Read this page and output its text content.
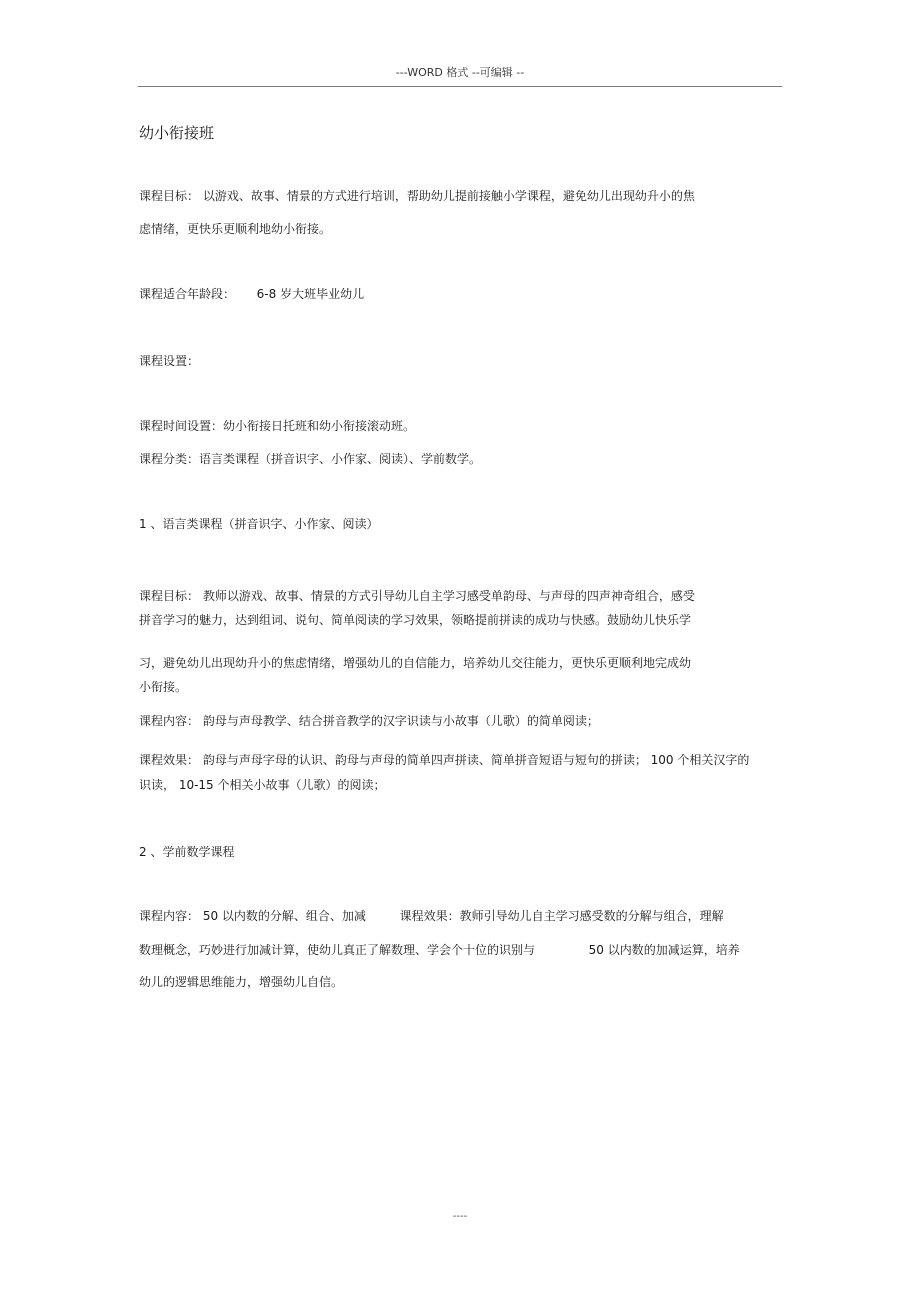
---WORD 格式 --可编辑 --
幼小衔接班
课程目标： 以游戏、故事、情景的方式进行培训，帮助幼儿提前接触小学课程，避免幼儿出现幼升小的焦
虑情绪，更快乐更顺利地幼小衔接。
课程适合年龄段： 6-8 岁大班毕业幼儿
课程设置：
课程时间设置：幼小衔接日托班和幼小衔接滚动班。
课程分类：语言类课程（拼音识字、小作家、阅读）、学前数学。
1 、语言类课程（拼音识字、小作家、阅读）
课程目标： 教师以游戏、故事、情景的方式引导幼儿自主学习感受单韵母、与声母的四声神奇组合，感受
拼音学习的魅力，达到组词、说句、简单阅读的学习效果，领略提前拼读的成功与快感。鼓励幼儿快乐学
习，避免幼儿出现幼升小的焦虑情绪，增强幼儿的自信能力，培养幼儿交往能力，更快乐更顺利地完成幼
小衔接。
课程内容： 韵母与声母教学、结合拼音教学的汉字识读与小故事（儿歌）的简单阅读；
课程效果： 韵母与声母字母的认识、韵母与声母的简单四声拼读、简单拼音短语与短句的拼读； 100 个相关汉字的
识读， 10-15 个相关小故事（儿歌）的阅读；
2 、学前数学课程
课程内容： 50 以内数的分解、组合、加减	课程效果：教师引导幼儿自主学习感受数的分解与组合，理解
数理概念，巧妙进行加减计算，使幼儿真正了解数理、学会个十位的识别与	50 以内数的加减运算，培养
幼儿的逻辑思维能力，增强幼儿自信。
----
